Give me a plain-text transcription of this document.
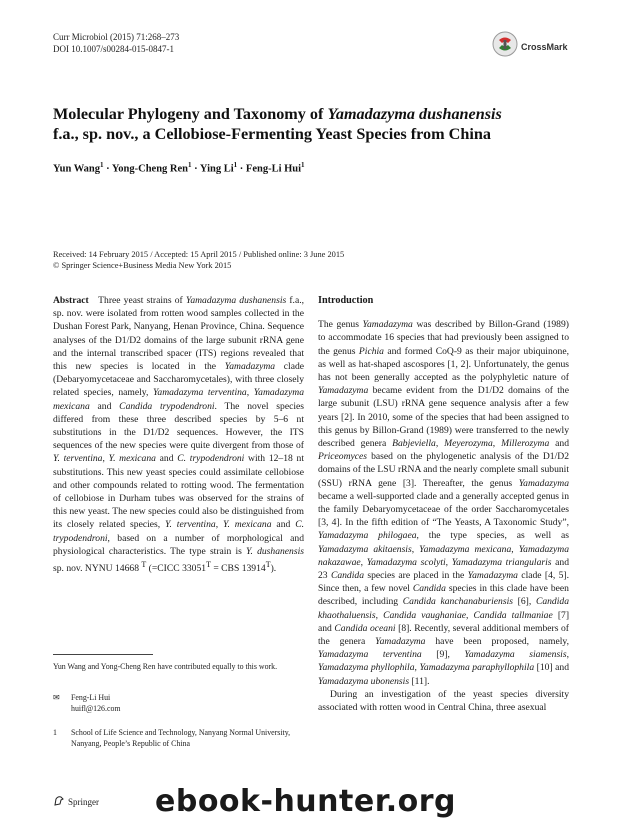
Curr Microbiol (2015) 71:268–273
DOI 10.1007/s00284-015-0847-1	CrossMark
Molecular Phylogeny and Taxonomy of Yamadazyma dushanensis
f.a., sp. nov., a Cellobiose-Fermenting Yeast Species from China
Yun Wang$^1$ · Yong-Cheng Ren$^1$ · Ying $Li^1$ · Feng-Li Hui$^1$
Received: 14 February 2015 / Accepted: 15 April 2015 / Published online: 3 June 2015
© Springer Science+Business Media New York 2015

Abstract Three yeast strains of Yamadazyma dushanensis f.a., sp. nov. were isolated from rotten wood samples collected in the Dushan Forest Park, Nanyang, Henan Province, China. Sequence analyses of the D1/D2 domains of the large subunit rRNA gene and the internal transcribed spacer (ITS) regions revealed that this new species is located in the Yamadazyma clade (Debaryomycetaceae and Saccharomycetales), with three closely related species, namely, Yamadazyma terventina, Yamadazyma mexicana and Candida trypodendroni. The novel species differed from these three described species by 5–6 nt substitutions in the D1/D2 sequences. However, the ITS sequences of the new species were quite divergent from those of Y. terventina, Y. mexicana and C. trypodendroni with 12–18 nt substitutions. This new yeast species could assimilate cellobiose and other compounds related to rotting wood. The fermentation of cellobiose in Durham tubes was observed for the strains of this new yeast. The new species could also be distinguished from its closely related species, Y. terventina, Y. mexicana and C. trypodendroni, based on a number of morphological and physiological characteristics. The type strain is Y. dushanensis sp. nov. NYNU 14668 $^T$ (=CICC $33051^T$ = CBS $13914^T$).

Yun Wang and Yong-Cheng Ren have contributed equally to this work.
✉	Feng-Li Hui
huifl@126.com
1	School of Life Science and Technology, Nanyang Normal University, Nanyang, People’s Republic of China
Introduction

The genus Yamadazyma was described by Billon-Grand (1989) to accommodate 16 species that had previously been assigned to the genus Pichia and formed CoQ-9 as their major ubiquinone, as well as hat-shaped ascospores [1, 2]. Unfortunately, the genus has not been generally accepted as the polyphyletic nature of Yamadazyma became evident from the D1/D2 domains of the large subunit (LSU) rRNA gene sequence analysis after a few years [2]. In 2010, some of the species that had been assigned to this genus by Billon-Grand (1989) were transferred to the newly described genera Babjeviella, Meyerozyma, Millerozyma and Priceomyces based on the phylogenetic analysis of the D1/D2 domains of the LSU rRNA and the nearly complete small subunit (SSU) rRNA gene [3]. Thereafter, the genus Yamadazyma became a well-supported clade and a generally accepted genus in the family Debaryomycetaceae of the order Saccharomycetales [3, 4]. In the fifth edition of “The Yeasts, A Taxonomic Study”, Yamadazyma philogaea, the type species, as well as Yamadazyma akitaensis, Yamadazyma mexicana, Yamadazyma nakazawae, Yamadazyma scolyti, Yamadazyma triangularis and 23 Candida species are placed in the Yamadazyma clade [4, 5]. Since then, a few novel Candida species in this clade have been described, including Candida kanchanaburiensis [6], Candida khaothaluensis, Candida vaughaniae, Candida tallmaniae [7] and Candida oceani [8]. Recently, several additional members of the genera Yamadazyma have been proposed, namely, Yamadazyma terventina [9], Yamadazyma siamensis, Yamadazyma phyllophila, Yamadazyma paraphyllophila [10] and Yamadazyma ubonensis [11].

During an investigation of the yeast species diversity associated with rotten wood in Central China, three asexual

Springer ebook-hunter.org
